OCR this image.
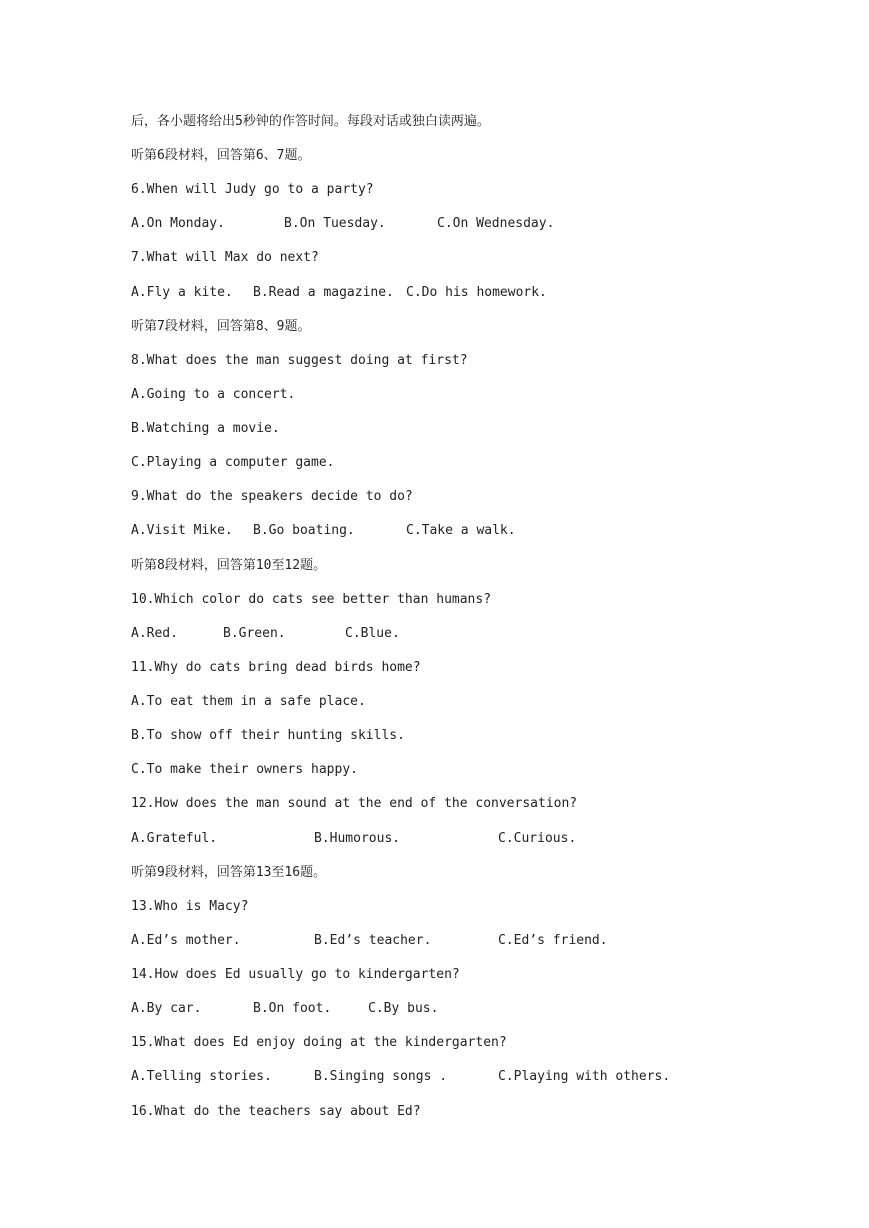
后，各小题将给出5秒钟的作答时间。每段对话或独白读两遍。
听第6段材料，回答第6、7题。
6.When will Judy go to a party?

A.On Monday.

	B.On Tuesday.

	C.On Wednesday.

7.What will Max do next?

A.Fly a kite.

B.Read a magazine.

C.Do his homework.

听第7段材料，回答第8、9题。
8.What does the man suggest doing at first?
A.Going to a concert.
B.Watching a movie.
C.Playing a computer game.
9.What do the speakers decide to do?

A.Visit Mike.

B.Go boating.

	C.Take a walk.

听第8段材料，回答第10至12题。
10.Which color do cats see better than humans?

A.Red.

	B.Green.

	C.Blue.

11.Why do cats bring dead birds home?
A.To eat them in a safe place.
B.To show off their hunting skills.
C.To make their owners happy.
12.How does the man sound at the end of the conversation?

A.Grateful.

	B.Humorous.

	C.Curious.

听第9段材料，回答第13至16题。
13.Who is Macy?

A.Ed’s mother.

	B.Ed’s teacher.

	C.Ed’s friend.

14.How does Ed usually go to kindergarten?

A.By car.

	B.On foot.

	C.By bus.

15.What does Ed enjoy doing at the kindergarten?

A.Telling stories.

	B.Singing songs .

	C.Playing with others.

16.What do the teachers say about Ed?
